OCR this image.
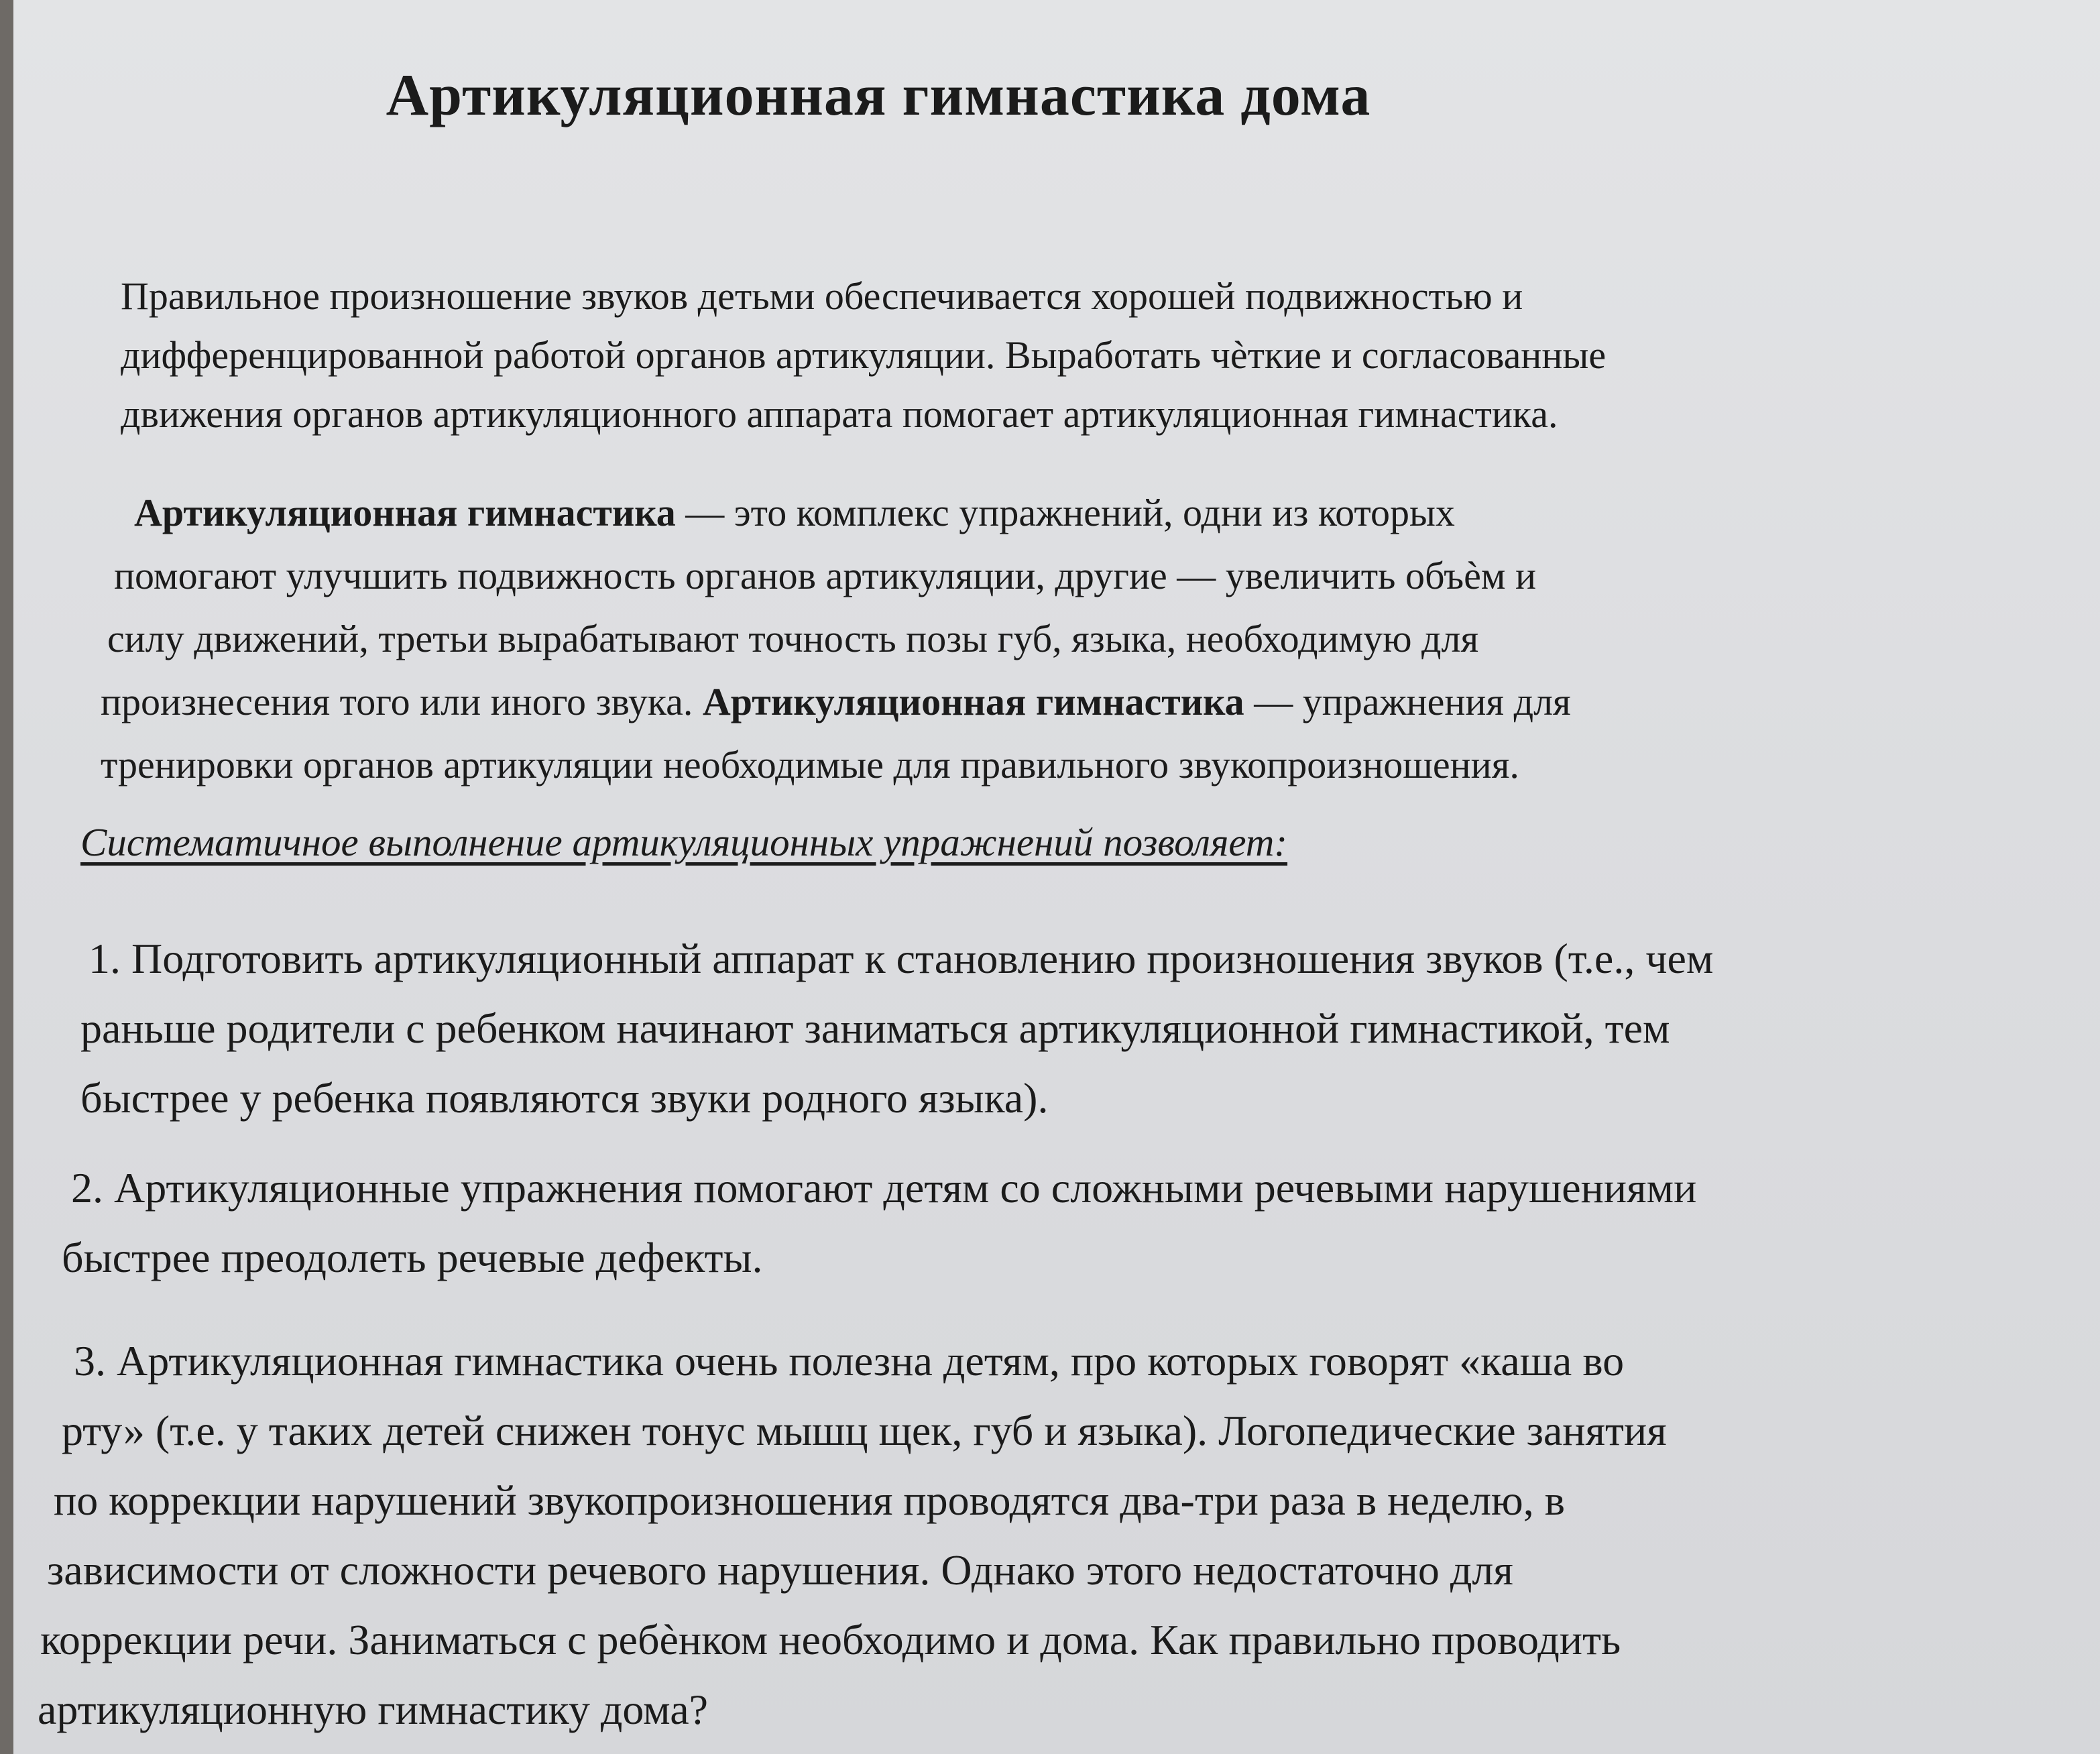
Артикуляционная гимнастика дома
Правильное произношение звуков детьми обеспечивается хорошей подвижностью и
дифференцированной работой органов артикуляции. Выработать чѐткие и согласованные
движения органов артикуляционного аппарата помогает артикуляционная гимнастика.
Артикуляционная гимнастика — это комплекс упражнений, одни из которых
помогают улучшить подвижность органов артикуляции, другие — увеличить объѐм и
силу движений, третьи вырабатывают точность позы губ, языка, необходимую для
произнесения того или иного звука. Артикуляционная гимнастика — упражнения для
тренировки органов артикуляции необходимые для правильного звукопроизношения.

Систематичное выполнение артикуляционных упражнений позволяет:

1. Подготовить артикуляционный аппарат к становлению произношения звуков (т.е., чем
раньше родители с ребенком начинают заниматься артикуляционной гимнастикой, тем
быстрее у ребенка появляются звуки родного языка).
2. Артикуляционные упражнения помогают детям со сложными речевыми нарушениями
быстрее преодолеть речевые дефекты.
3. Артикуляционная гимнастика очень полезна детям, про которых говорят «каша во
рту» (т.е. у таких детей снижен тонус мышц щек, губ и языка). Логопедические занятия
по коррекции нарушений звукопроизношения проводятся два-три раза в неделю, в
зависимости от сложности речевого нарушения. Однако этого недостаточно для
коррекции речи. Заниматься с ребѐнком необходимо и дома. Как правильно проводить
артикуляционную гимнастику дома?
